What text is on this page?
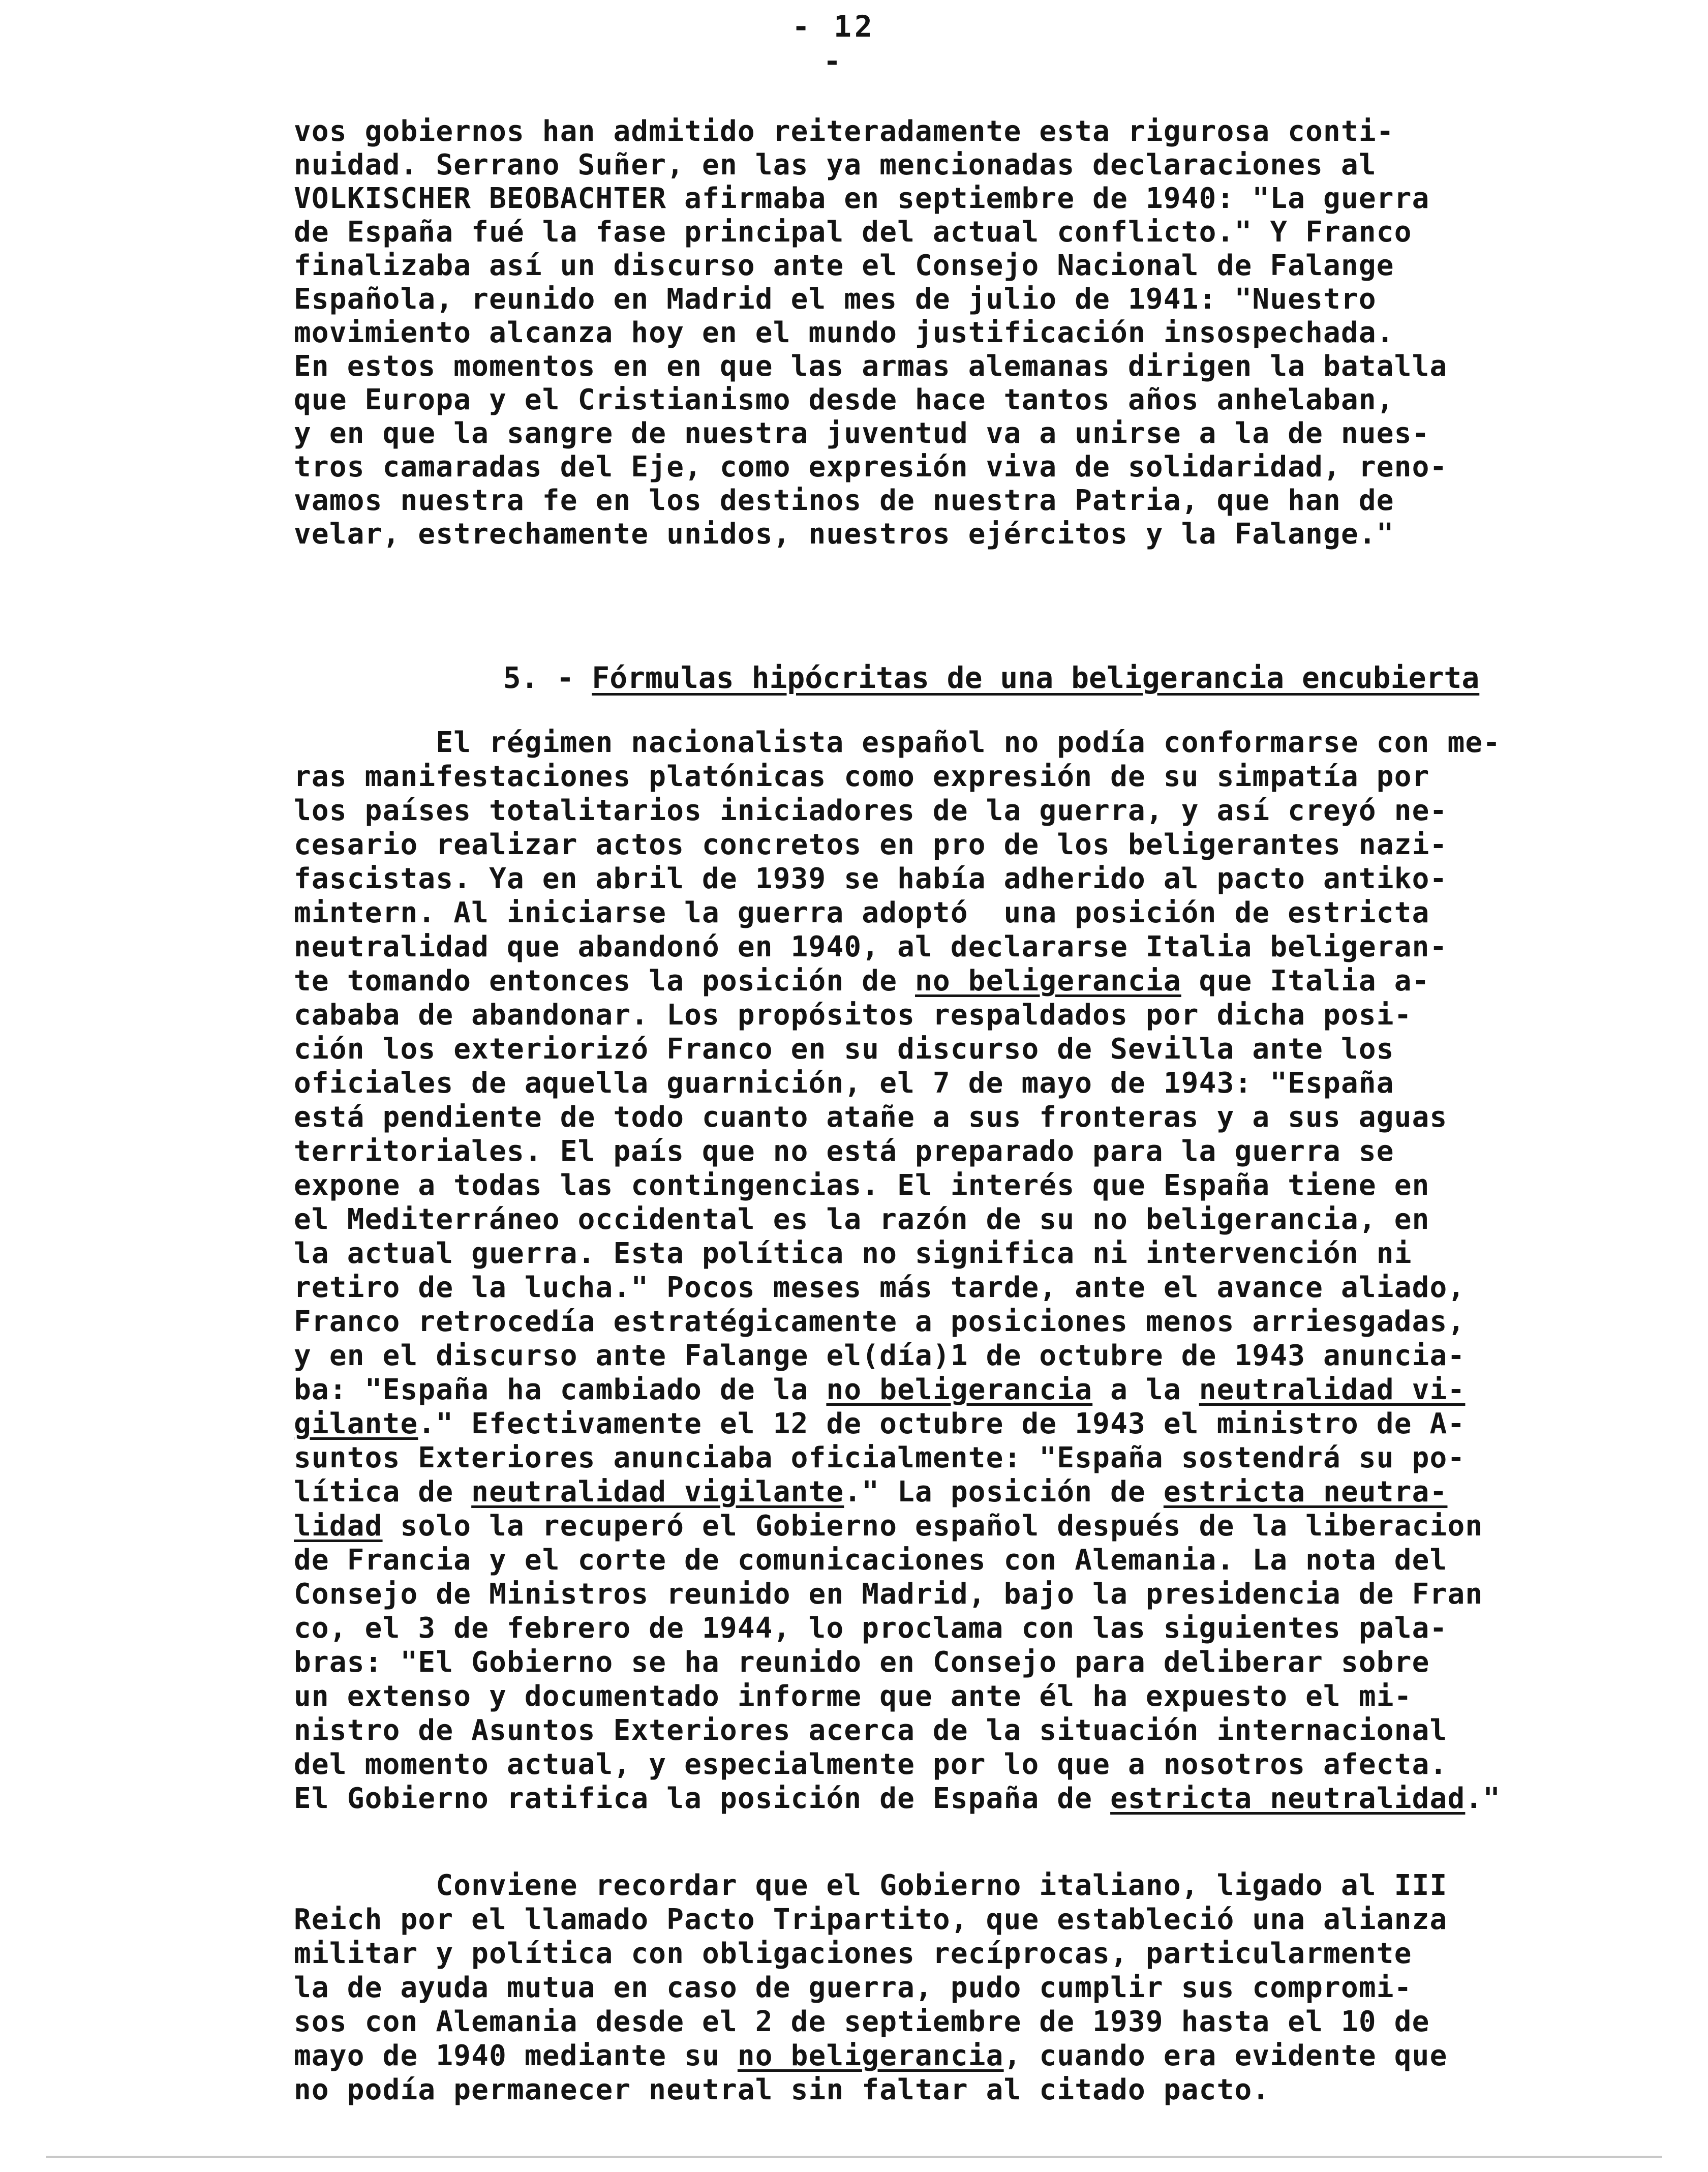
- 12 -
vos gobiernos han admitido reiteradamente esta rigurosa conti-
nuidad. Serrano Suñer, en las ya mencionadas declaraciones al
VOLKISCHER BEOBACHTER afirmaba en septiembre de 1940: "La guerra
de España fué la fase principal del actual conflicto." Y Franco
finalizaba así un discurso ante el Consejo Nacional de Falange
Española, reunido en Madrid el mes de julio de 1941: "Nuestro
movimiento alcanza hoy en el mundo justificación insospechada.
En estos momentos en en que las armas alemanas dirigen la batalla
que Europa y el Cristianismo desde hace tantos años anhelaban,
y en que la sangre de nuestra juventud va a unirse a la de nues-
tros camaradas del Eje, como expresión viva de solidaridad, reno-
vamos nuestra fe en los destinos de nuestra Patria, que han de
velar, estrechamente unidos, nuestros ejércitos y la Falange."

5. - Fórmulas hipócritas de una beligerancia encubierta

El régimen nacionalista español no podía conformarse con me-
ras manifestaciones platónicas como expresión de su simpatía por
los países totalitarios iniciadores de la guerra, y así creyó ne-
cesario realizar actos concretos en pro de los beligerantes nazi-
fascistas. Ya en abril de 1939 se había adherido al pacto antiko-
mintern. Al iniciarse la guerra adoptó  una posición de estricta
neutralidad que abandonó en 1940, al declararse Italia beligeran-
te tomando entonces la posición de no beligerancia que Italia a-
cababa de abandonar. Los propósitos respaldados por dicha posi-
ción los exteriorizó Franco en su discurso de Sevilla ante los
oficiales de aquella guarnición, el 7 de mayo de 1943: "España
está pendiente de todo cuanto atañe a sus fronteras y a sus aguas
territoriales. El país que no está preparado para la guerra se
expone a todas las contingencias. El interés que España tiene en
el Mediterráneo occidental es la razón de su no beligerancia, en
la actual guerra. Esta política no significa ni intervención ni
retiro de la lucha." Pocos meses más tarde, ante el avance aliado,
Franco retrocedía estratégicamente a posiciones menos arriesgadas,
y en el discurso ante Falange el(día)1 de octubre de 1943 anuncia-
ba: "España ha cambiado de la no beligerancia a la neutralidad vi-
gilante." Efectivamente el 12 de octubre de 1943 el ministro de A-
suntos Exteriores anunciaba oficialmente: "España sostendrá su po-
lítica de neutralidad vigilante." La posición de estricta neutra-
lidad solo la recuperó el Gobierno español después de la liberacion
de Francia y el corte de comunicaciones con Alemania. La nota del
Consejo de Ministros reunido en Madrid, bajo la presidencia de Fran
co, el 3 de febrero de 1944, lo proclama con las siguientes pala-
bras: "El Gobierno se ha reunido en Consejo para deliberar sobre
un extenso y documentado informe que ante él ha expuesto el mi-
nistro de Asuntos Exteriores acerca de la situación internacional
del momento actual, y especialmente por lo que a nosotros afecta.
El Gobierno ratifica la posición de España de estricta neutralidad."
Conviene recordar que el Gobierno italiano, ligado al III
Reich por el llamado Pacto Tripartito, que estableció una alianza
militar y política con obligaciones recíprocas, particularmente
la de ayuda mutua en caso de guerra, pudo cumplir sus compromi-
sos con Alemania desde el 2 de septiembre de 1939 hasta el 10 de
mayo de 1940 mediante su no beligerancia, cuando era evidente que
no podía permanecer neutral sin faltar al citado pacto.
